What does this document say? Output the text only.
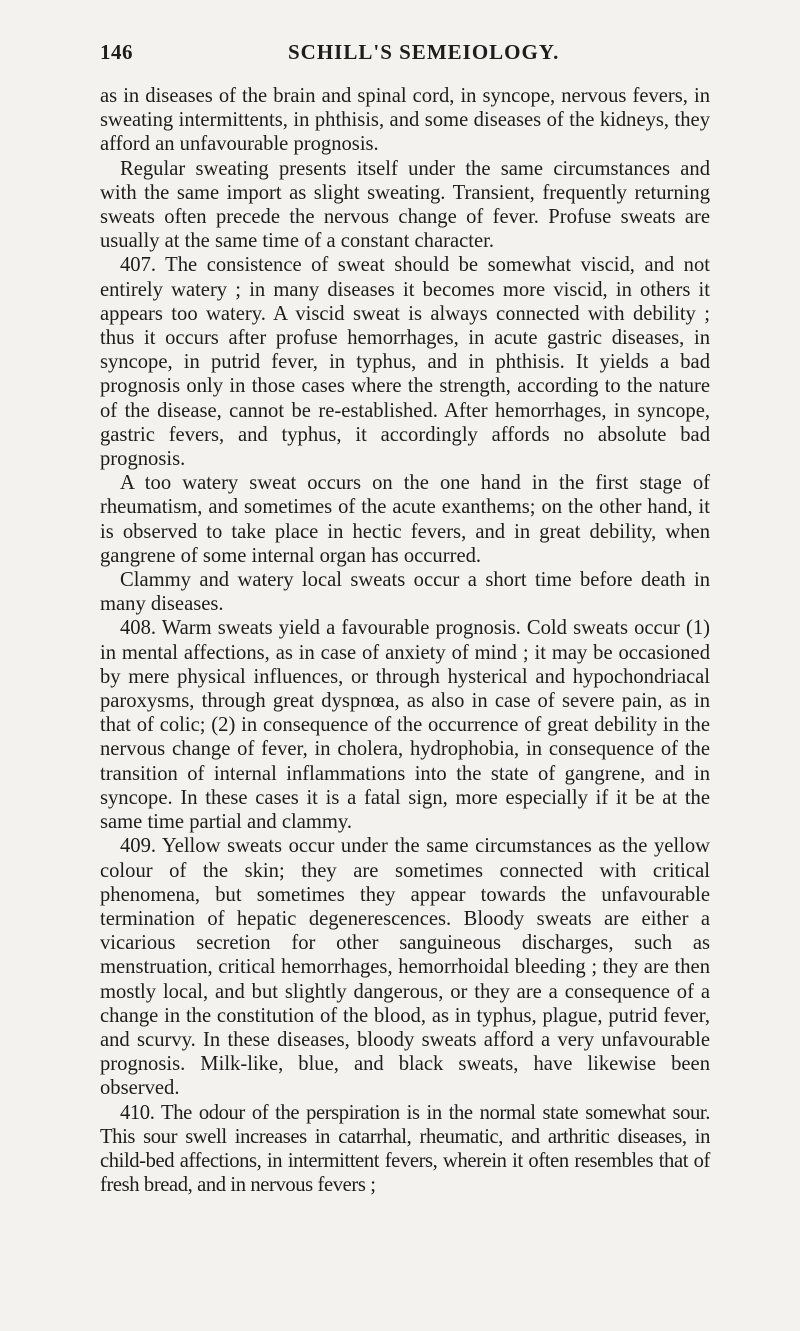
146	SCHILL'S SEMEIOLOGY.

as in diseases of the brain and spinal cord, in syncope, nervous fevers, in sweating intermittents, in phthisis, and some diseases of the kidneys, they afford an unfavourable prognosis.

Regular sweating presents itself under the same circumstances and with the same import as slight sweating. Transient, frequently returning sweats often precede the nervous change of fever. Profuse sweats are usually at the same time of a constant character.

407. The consistence of sweat should be somewhat viscid, and not entirely watery ; in many diseases it becomes more viscid, in others it appears too watery. A viscid sweat is always connected with debility ; thus it occurs after profuse hemorrhages, in acute gastric diseases, in syncope, in putrid fever, in typhus, and in phthisis. It yields a bad prognosis only in those cases where the strength, according to the nature of the disease, cannot be re-established. After hemorrhages, in syncope, gastric fevers, and typhus, it accordingly affords no absolute bad prognosis.

A too watery sweat occurs on the one hand in the first stage of rheumatism, and sometimes of the acute exanthems; on the other hand, it is observed to take place in hectic fevers, and in great debility, when gangrene of some internal organ has occurred.

Clammy and watery local sweats occur a short time before death in many diseases.

408. Warm sweats yield a favourable prognosis. Cold sweats occur (1) in mental affections, as in case of anxiety of mind ; it may be occasioned by mere physical influences, or through hysterical and hypochondriacal paroxysms, through great dyspnœa, as also in case of severe pain, as in that of colic; (2) in consequence of the occurrence of great debility in the nervous change of fever, in cholera, hydrophobia, in consequence of the transition of internal inflammations into the state of gangrene, and in syncope. In these cases it is a fatal sign, more especially if it be at the same time partial and clammy.

409. Yellow sweats occur under the same circumstances as the yellow colour of the skin; they are sometimes connected with critical phenomena, but sometimes they appear towards the unfavourable termination of hepatic degenerescences. Bloody sweats are either a vicarious secretion for other sanguineous discharges, such as menstruation, critical hemorrhages, hemorrhoidal bleeding ; they are then mostly local, and but slightly dangerous, or they are a consequence of a change in the constitution of the blood, as in typhus, plague, putrid fever, and scurvy. In these diseases, bloody sweats afford a very unfavourable prognosis. Milk-like, blue, and black sweats, have likewise been observed.

410. The odour of the perspiration is in the normal state somewhat sour. This sour swell increases in catarrhal, rheumatic, and arthritic diseases, in child-bed affections, in intermittent fevers, wherein it often resembles that of fresh bread, and in nervous fevers ;
